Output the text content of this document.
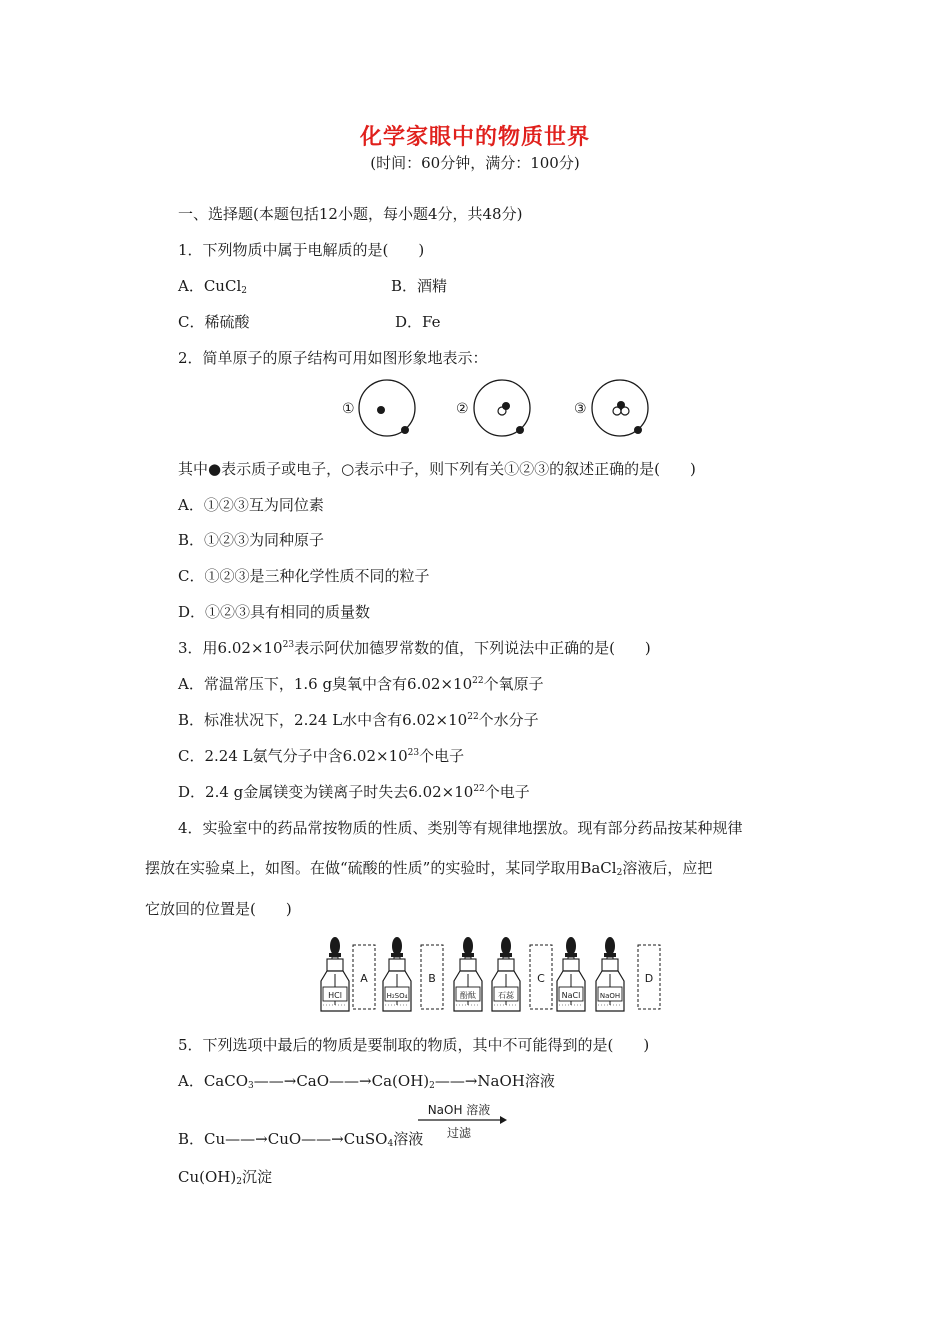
化学家眼中的物质世界
(时间：60分钟，满分：100分)
一、选择题(本题包括12小题，每小题4分，共48分)
1．下列物质中属于电解质的是(　　)
A．CuCl$_2$	B．酒精
C．稀硫酸	D．Fe
2．简单原子的原子结构可用如图形象地表示：
①	②	③
其中●表示质子或电子，○表示中子，则下列有关①②③的叙述正确的是(　　)
A．①②③互为同位素
B．①②③为同种原子
C．①②③是三种化学性质不同的粒子
D．①②③具有相同的质量数
3．用$6.02\times 10^{23}$表示阿伏加德罗常数的值，下列说法中正确的是(　　)
A．常温常压下，1.6 g臭氧中含有$6.02\times 10^{22}$个氧原子
B．标准状况下，2.24 L水中含有$6.02\times 10^{22}$个水分子
C．2.24 L氨气分子中含$6.02\times 10^{23}$个电子
D．2.4 g金属镁变为镁离子时失去$6.02\times 10^{22}$个电子
4．实验室中的药品常按物质的性质、类别等有规律地摆放。现有部分药品按某种规律
摆放在实验桌上，如图。在做“硫酸的性质”的实验时，某同学取用BaCl$_2$溶液后，应把
它放回的位置是(　　)
HCl
A
H₂SO₄
B
酚酞	石蕊
C
NaCl	NaOH
D
5．下列选项中最后的物质是要制取的物质，其中不可能得到的是(　　)
A．$CaCO_3——\to CaO——\to Ca(OH)_2——\to NaOH$溶液
B．Cu——→CuO——→CuSO$_4$溶液
NaOH 溶液
过滤
$Cu(OH)_2$沉淀
